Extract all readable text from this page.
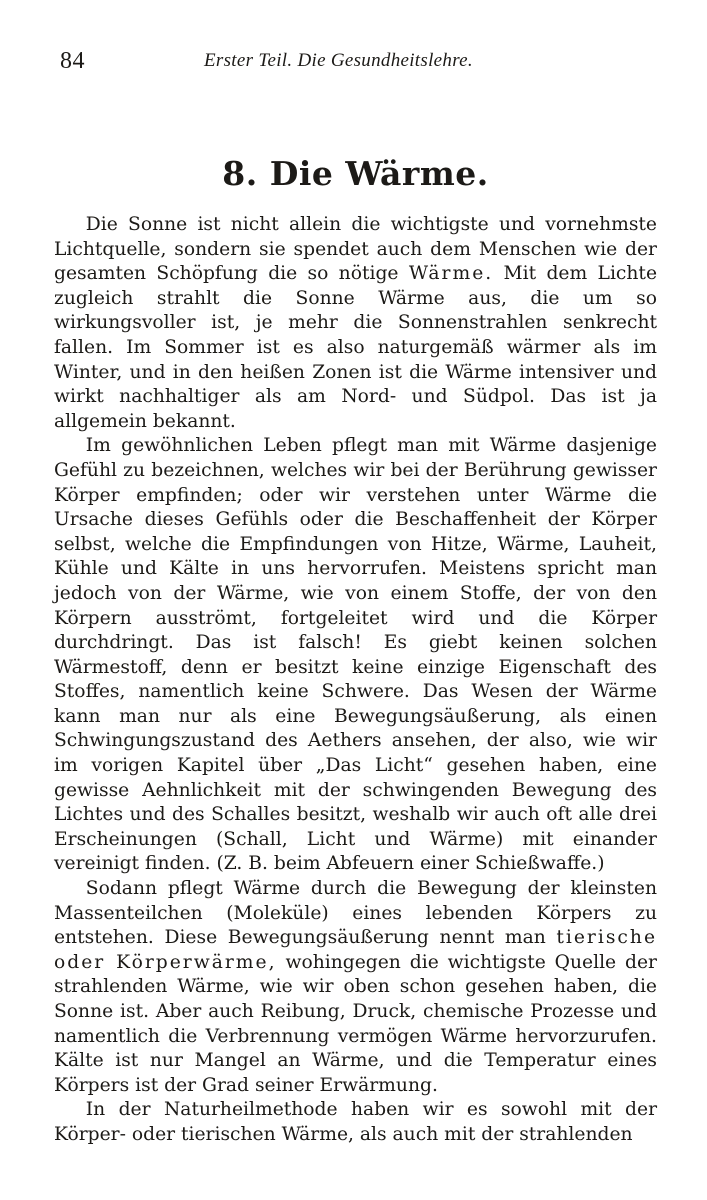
84	Erster Teil. Die Gesundheitslehre.
8. Die Wärme.

Die Sonne ist nicht allein die wichtigste und vornehmste Lichtquelle, sondern sie spendet auch dem Menschen wie der gesamten Schöpfung die so nötige Wärme. Mit dem Lichte zugleich strahlt die Sonne Wärme aus, die um so wirkungsvoller ist, je mehr die Sonnenstrahlen senkrecht fallen. Im Sommer ist es also naturgemäß wärmer als im Winter, und in den heißen Zonen ist die Wärme intensiver und wirkt nachhaltiger als am Nord- und Südpol. Das ist ja allgemein bekannt.

Im gewöhnlichen Leben pflegt man mit Wärme dasjenige Gefühl zu bezeichnen, welches wir bei der Berührung gewisser Körper empfinden; oder wir verstehen unter Wärme die Ursache dieses Gefühls oder die Beschaffenheit der Körper selbst, welche die Empfindungen von Hitze, Wärme, Lauheit, Kühle und Kälte in uns hervorrufen. Meistens spricht man jedoch von der Wärme, wie von einem Stoffe, der von den Körpern ausströmt, fortgeleitet wird und die Körper durchdringt. Das ist falsch! Es giebt keinen solchen Wärmestoff, denn er besitzt keine einzige Eigenschaft des Stoffes, namentlich keine Schwere. Das Wesen der Wärme kann man nur als eine Bewegungsäußerung, als einen Schwingungszustand des Aethers ansehen, der also, wie wir im vorigen Kapitel über „Das Licht“ gesehen haben, eine gewisse Aehnlichkeit mit der schwingenden Bewegung des Lichtes und des Schalles besitzt, weshalb wir auch oft alle drei Erscheinungen (Schall, Licht und Wärme) mit einander vereinigt finden. (Z. B. beim Abfeuern einer Schießwaffe.)

Sodann pflegt Wärme durch die Bewegung der kleinsten Massenteilchen (Moleküle) eines lebenden Körpers zu entstehen. Diese Bewegungsäußerung nennt man tierische oder Körperwärme, wohingegen die wichtigste Quelle der strahlenden Wärme, wie wir oben schon gesehen haben, die Sonne ist. Aber auch Reibung, Druck, chemische Prozesse und namentlich die Verbrennung vermögen Wärme hervorzurufen. Kälte ist nur Mangel an Wärme, und die Temperatur eines Körpers ist der Grad seiner Erwärmung.

In der Naturheilmethode haben wir es sowohl mit der Körper- oder tierischen Wärme, als auch mit der strahlenden
